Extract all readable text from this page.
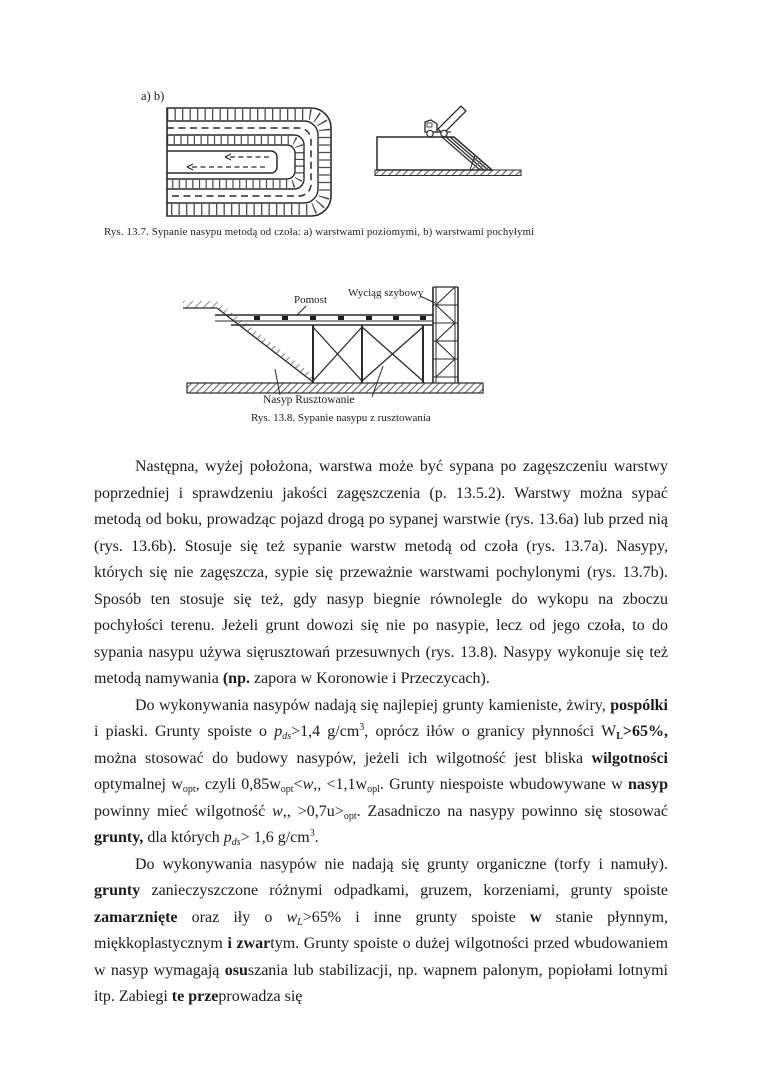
a) b)
Rys. 13.7. Sypanie nasypu metodą od czoła: a) warstwami poziomymi, b) warstwami pochyłymi
Pomost
Wyciąg szybowy
Nasyp Rusztowanie
Rys. 13.8. Sypanie nasypu z rusztowania

Następna, wyżej położona, warstwa może być sypana po zagęszczeniu warstwy poprzedniej i sprawdzeniu jakości zagęszczenia (p. 13.5.2). Warstwy można sypać metodą od boku, prowadząc pojazd drogą po sypanej warstwie (rys. 13.6a) lub przed nią (rys. 13.6b). Stosuje się też sypanie warstw metodą od czoła (rys. 13.7a). Nasypy, których się nie zagęszcza, sypie się przeważnie warstwami pochylonymi (rys. 13.7b). Sposób ten stosuje się też, gdy nasyp biegnie równolegle do wykopu na zboczu pochyłości terenu. Jeżeli grunt dowozi się nie po nasypie, lecz od jego czoła, to do sypania nasypu używa sięrusztowań przesuwnych (rys. 13.8). Nasypy wykonuje się też metodą namywania (np. zapora w Koronowie i Przeczycach).

Do wykonywania nasypów nadają się najlepiej grunty kamieniste, żwiry, pospólki i piaski. Grunty spoiste o $p_{ds}>1,4$ $g/cm^3$, oprócz iłów o granicy płynności $W_L>65\%$, można stosować do budowy nasypów, jeżeli ich wilgotność jest bliska wilgotności optymalnej $w_{opt}$, czyli $0,85w_{opt}<w$,, $<1,1w_{opl}$. Grunty niespoiste wbudowywane w nasyp powinny mieć wilgotność w,, $>0,7u>_{opt}$. Zasadniczo na nasypy powinno się stosować grunty, dla których $p_{ds}> 1,6$ $g/cm^3$.

Do wykonywania nasypów nie nadają się grunty organiczne (torfy i namuły). grunty zanieczyszczone różnymi odpadkami, gruzem, korzeniami, grunty spoiste zamarznięte oraz iły o $w_L>65\%$ i inne grunty spoiste w stanie płynnym, miękkoplastycznym i zwartym. Grunty spoiste o dużej wilgotności przed wbudowaniem w nasyp wymagają osuszania lub stabilizacji, np. wapnem palonym, popiołami lotnymi itp. Zabiegi te przeprowadza się
